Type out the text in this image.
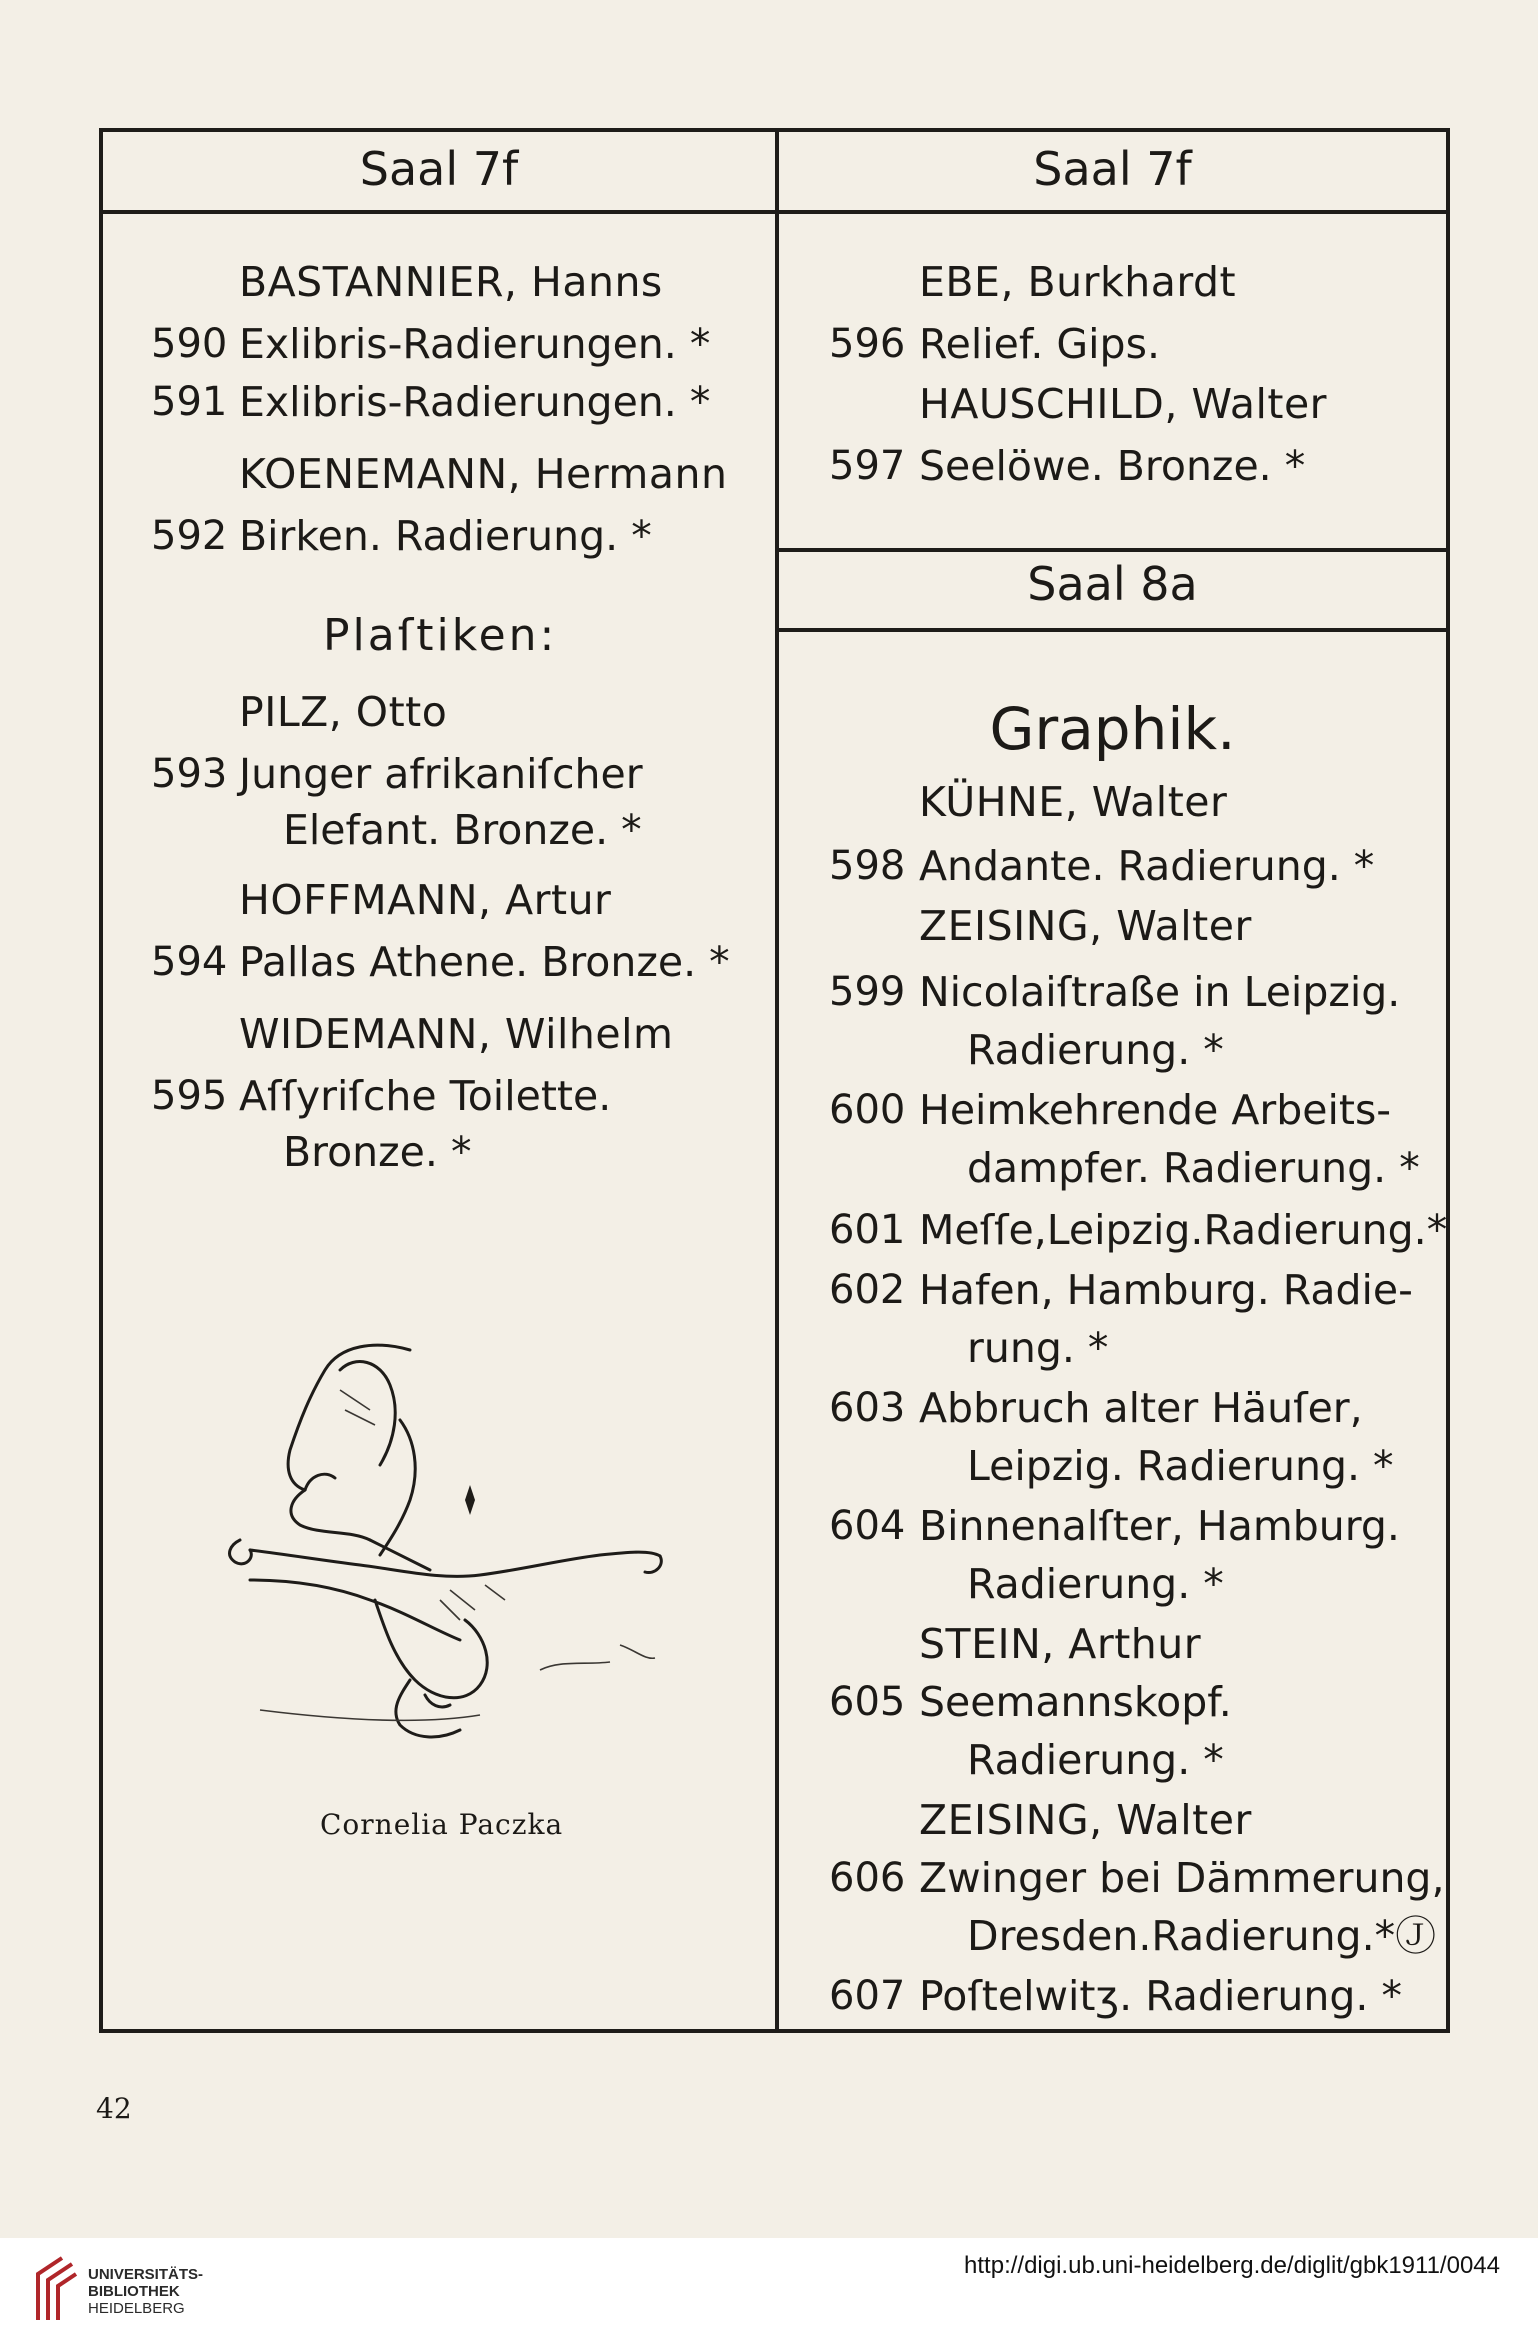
Saal 7f
BASTANNIER, Hanns
590 Exlibris-Radierungen. *
591 Exlibris-Radierungen. *
KOENEMANN, Hermann
592 Birken. Radierung. *
Plaſtiken:
PILZ, Otto
593 Junger afrikaniſcher
Elefant. Bronze. *
HOFFMANN, Artur
594 Pallas Athene. Bronze. *
WIDEMANN, Wilhelm
595 Aſſyriſche Toilette.
Bronze. *
Cornelia Paczka
Saal 7f
EBE, Burkhardt
596 Relief. Gips.
HAUSCHILD, Walter
597 Seelöwe. Bronze. *
Saal 8a
Graphik.
KÜHNE, Walter
598 Andante. Radierung. *
ZEISING, Walter
599 Nicolaiſtraße in Leipzig.
Radierung. *
600 Heimkehrende Arbeits-
dampfer. Radierung. *
601 Meſſe,Leipzig.Radierung.*
602 Hafen, Hamburg. Radie-
rung. *
603 Abbruch alter Häuſer,
Leipzig. Radierung. *
604 Binnenalſter, Hamburg.
Radierung. *
STEIN, Arthur
605 Seemannskopf.
Radierung. *
ZEISING, Walter
606 Zwinger bei Dämmerung,
Dresden.Radierung.*Ⓙ
607 Poſtelwitʒ. Radierung. *
42
UNIVERSITÄTS-
BIBLIOTHEK
HEIDELBERG
http://digi.ub.uni-heidelberg.de/diglit/gbk1911/0044
